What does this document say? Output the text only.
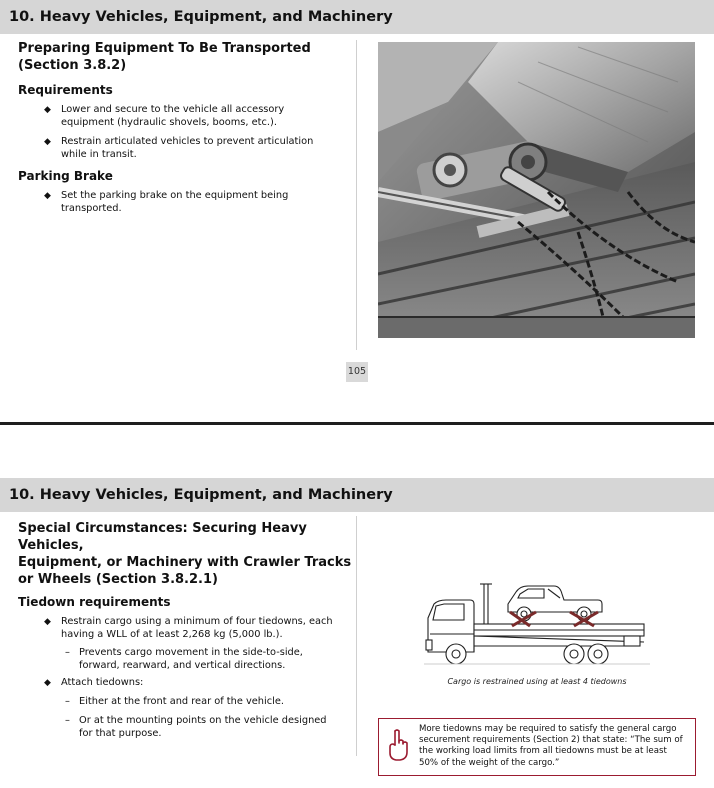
10. Heavy Vehicles, Equipment, and Machinery
Preparing Equipment To Be Transported
(Section 3.8.2)
Requirements
◆ Lower and secure to the vehicle all accessory
equipment (hydraulic shovels, booms, etc.).
◆ Restrain articulated vehicles to prevent articulation
while in transit.
Parking Brake
◆ Set the parking brake on the equipment being
transported.
105
10. Heavy Vehicles, Equipment, and Machinery
Special Circumstances: Securing Heavy Vehicles,
Equipment, or Machinery with Crawler Tracks
or Wheels (Section 3.8.2.1)
Tiedown requirements
◆ Restrain cargo using a minimum of four tiedowns, each
having a WLL of at least 2,268 kg (5,000 lb.).
– Prevents cargo movement in the side-to-side,
forward, rearward, and vertical directions.
◆ Attach tiedowns:
– Either at the front and rear of the vehicle.
– Or at the mounting points on the vehicle designed
for that purpose.
Cargo is restrained using at least 4 tiedowns
More tiedowns may be required to satisfy the general cargo
securement requirements (Section 2) that state: “The sum of
the working load limits from all tiedowns must be at least
50% of the weight of the cargo.”
